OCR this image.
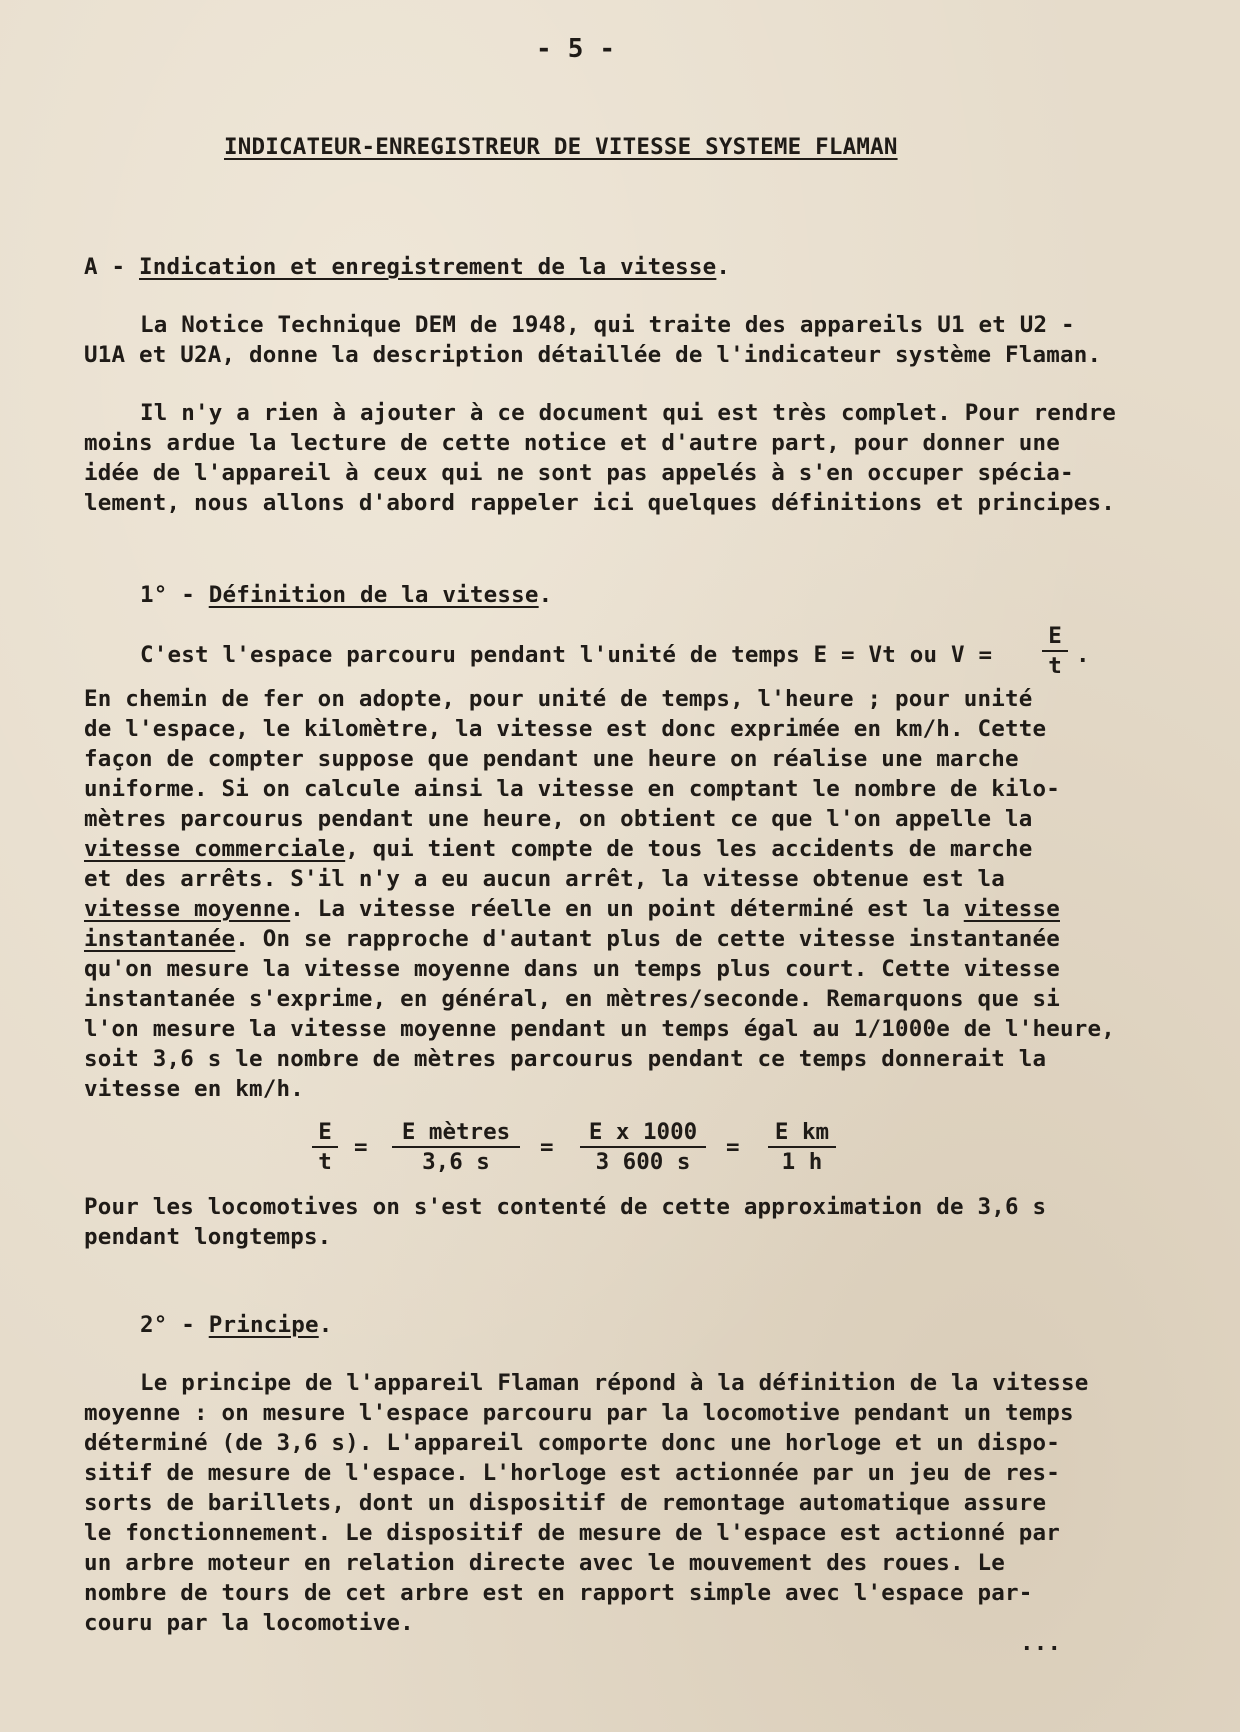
- 5 -
INDICATEUR-ENREGISTREUR DE VITESSE SYSTEME FLAMAN
A - Indication et enregistrement de la vitesse.
La Notice Technique DEM de 1948, qui traite des appareils U1 et U2 -
U1A et U2A, donne la description détaillée de l'indicateur système Flaman.
Il n'y a rien à ajouter à ce document qui est très complet. Pour rendre
moins ardue la lecture de cette notice et d'autre part, pour donner une
idée de l'appareil à ceux qui ne sont pas appelés à s'en occuper spécia-
lement, nous allons d'abord rappeler ici quelques définitions et principes.
1° - Définition de la vitesse.
C'est l'espace parcouru pendant l'unité de temps E = Vt ou $V = \frac{E}{t}$ .
En chemin de fer on adopte, pour unité de temps, l'heure ; pour unité
de l'espace, le kilomètre, la vitesse est donc exprimée en km/h. Cette
façon de compter suppose que pendant une heure on réalise une marche
uniforme. Si on calcule ainsi la vitesse en comptant le nombre de kilo-
mètres parcourus pendant une heure, on obtient ce que l'on appelle la
vitesse commerciale, qui tient compte de tous les accidents de marche
et des arrêts. S'il n'y a eu aucun arrêt, la vitesse obtenue est la
vitesse moyenne. La vitesse réelle en un point déterminé est la vitesse
instantanée. On se rapproche d'autant plus de cette vitesse instantanée
qu'on mesure la vitesse moyenne dans un temps plus court. Cette vitesse
instantanée s'exprime, en général, en mètres/seconde. Remarquons que si
l'on mesure la vitesse moyenne pendant un temps égal au 1/1000e de l'heure,
soit 3,6 s le nombre de mètres parcourus pendant ce temps donnerait la
vitesse en km/h.
$\frac{E}{t}$ =
E mètres
3,6 s
= $\frac{\text{E x 1000}}{3 600 s} = \frac{\text{E km}}{1 h}$
Pour les locomotives on s'est contenté de cette approximation de 3,6 s
pendant longtemps.
2° - Principe.
Le principe de l'appareil Flaman répond à la définition de la vitesse
moyenne : on mesure l'espace parcouru par la locomotive pendant un temps
déterminé (de 3,6 s). L'appareil comporte donc une horloge et un dispo-
sitif de mesure de l'espace. L'horloge est actionnée par un jeu de res-
sorts de barillets, dont un dispositif de remontage automatique assure
le fonctionnement. Le dispositif de mesure de l'espace est actionné par
un arbre moteur en relation directe avec le mouvement des roues. Le
nombre de tours de cet arbre est en rapport simple avec l'espace par-
couru par la locomotive.
...
